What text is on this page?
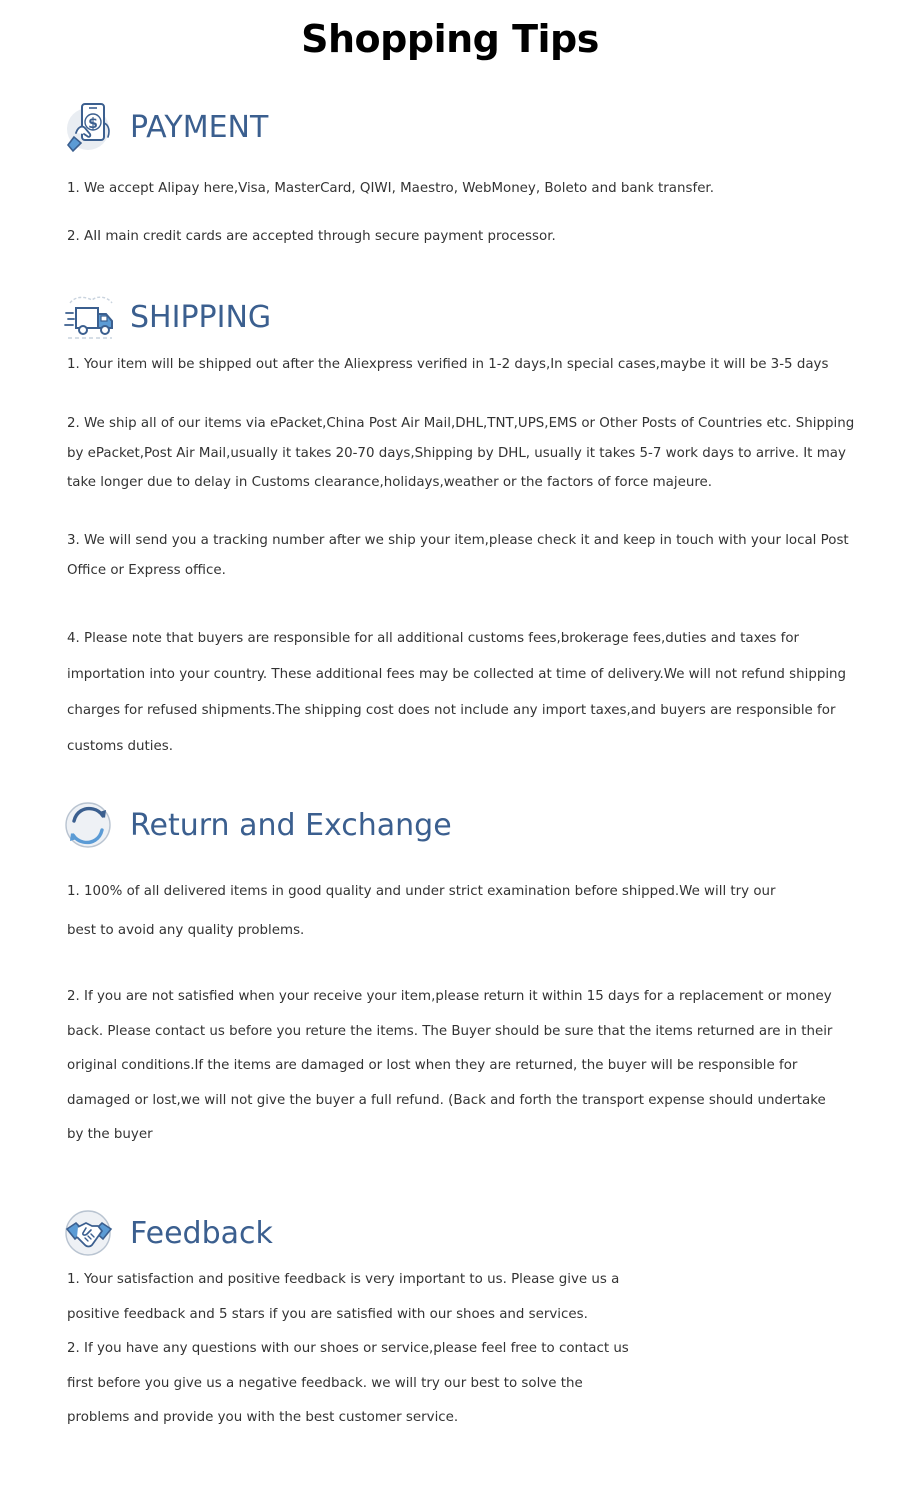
Shopping Tips
$ PAYMENT

1. We accept Alipay here,Visa, MasterCard, QIWI, Maestro, WebMoney, Boleto and bank transfer.

2. AII main credit cards are accepted through secure payment processor.

SHIPPING

1. Your item will be shipped out after the Aliexpress verified in 1-2 days,In special cases,maybe it will be 3-5 days

2. We ship all of our items via ePacket,China Post Air Mail,DHL,TNT,UPS,EMS or Other Posts of Countries etc. Shipping by ePacket,Post Air Mail,usually it takes 20-70 days,Shipping by DHL, usually it takes 5-7 work days to arrive. It may take longer due to delay in Customs clearance,holidays,weather or the factors of force majeure.

3. We will send you a tracking number after we ship your item,please check it and keep in touch with your local Post Office or Express office.

4. Please note that buyers are responsible for all additional customs fees,brokerage fees,duties and taxes for importation into your country. These additional fees may be collected at time of delivery.We will not refund shipping charges for refused shipments.The shipping cost does not include any import taxes,and buyers are responsible for customs duties.

Return and Exchange

1. 100% of all delivered items in good quality and under strict examination before shipped.We will try our best to avoid any quality problems.

2. If you are not satisfied when your receive your item,please return it within 15 days for a replacement or money back. Please contact us before you reture the items. The Buyer should be sure that the items returned are in their original conditions.If the items are damaged or lost when they are returned, the buyer will be responsible for damaged or lost,we will not give the buyer a full refund. (Back and forth the transport expense should undertake by the buyer

Feedback

1. Your satisfaction and positive feedback is very important to us. Please give us a positive feedback and 5 stars if you are satisfied with our shoes and services.

2. If you have any questions with our shoes or service,please feel free to contact us first before you give us a negative feedback. we will try our best to solve the problems and provide you with the best customer service.
